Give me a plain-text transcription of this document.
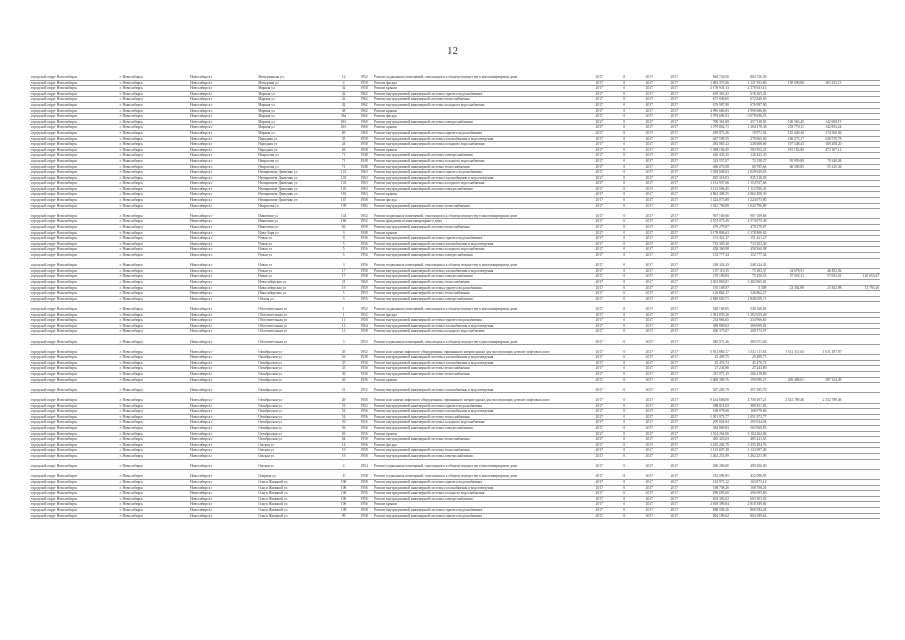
12
городской округ Новосибирск	г. Новосибирск	Новосибирск г	Мичуринская ул	12	1952	Ремонт подвальных помещений, относящихся к общему имуществу в многоквартирном доме	2017	0	2017	2017	864 726,50	864 726,50			
городской округ Новосибирск	г. Новосибирск	Новосибирск г	Мичурина ул	4	1959	Ремонт фасада	2017	0	2017	2017	1 483 375,66	1 121 953,60	158 690,80	183 253,13	
городской округ Новосибирск	г. Новосибирск	Новосибирск г	Мирная ул	32	1958	Ремонт крыши	2017	0	2017	2017	2 178 941,13	2 178 941,13			
городской округ Новосибирск	г. Новосибирск	Новосибирск г	Мирная ул	42	1962	Ремонт внутридомовой инженерной системы горячего водоснабжения	2017	0	2017	2017	618 365,41	618 365,41			
городской округ Новосибирск	г. Новосибирск	Новосибирск г	Мирная ул	42	1962	Ремонт внутридомовой инженерной системы теплоснабжения	2017	0	2017	2017	672 840,65	672 840,65			
городской округ Новосибирск	г. Новосибирск	Новосибирск г	Мирная ул	42	1962	Ремонт внутридомовой инженерной системы холодного водоснабжения	2017	0	2017	2017	676 987,90	676 987,90			
городской округ Новосибирск	г. Новосибирск	Новосибирск г	Мирная ул	48	1962	Ремонт крыши	2017	0	2017	2017	4 990 686,83	4 990 686,83			
городской округ Новосибирск	г. Новосибирск	Новосибирск г	Мирная ул	56а	1962	Ремонт фасада	2017	0	2017	2017	3 078 696,53	3 078 696,53			
городской округ Новосибирск	г. Новосибирск	Новосибирск г	Мирная ул	61б	1960	Ремонт внутридомовой инженерной системы электроснабжения	2017	0	2017	2017	700 361,69	457 318,05	100 363,45	142 680,19	
городской округ Новосибирск	г. Новосибирск	Новосибирск г	Мирная ул	61б	1960	Ремонт крыши	2017	0	2017	2017	1 579 802,71	1 284 178,36	253 770,11	142 854,24	
городской округ Новосибирск	г. Новосибирск	Новосибирск г	Мирная ул	69	1960	Ремонт внутридомовой инженерной системы горячего водоснабжения	2017	0	2017	2017	459 973,26	19 971,92	155 440,40	174 560,94	
городской округ Новосибирск	г. Новосибирск	Новосибирск г	Народная ул	35	1958	Ремонт внутридомовой инженерной системы газоснабжения и водоотведения	2017	0	2017	2017	667 509,55	278 665,60	160 273,17	228 570,78	
городской округ Новосибирск	г. Новосибирск	Новосибирск г	Народная ул	44	1958	Ремонт внутридомовой инженерной системы холодного водоснабжения	2017	0	2017	2017	483 965,23	238 608,60	107 348,43	100 208,20	
городской округ Новосибирск	г. Новосибирск	Новосибирск г	Народная ул	66	1958	Ремонт крыши	2017	0	2017	2017	1 058 196,45	583 952,23	291 192,06	473 167,14	
городской округ Новосибирск	г. Новосибирск	Новосибирск г	Некрасова ул	71	1948	Ремонт внутридомовой инженерной системы электроснабжения	2017	0	2017	2017	426 443,35	126 443,35			
городской округ Новосибирск	г. Новосибирск	Новосибирск г	Некрасова ул	71	1948	Ремонт внутридомовой инженерной системы холодного водоснабжения	2017	0	2017	2017	323 557,07	72 158,27	95 959,80	70 340,04	
городской округ Новосибирск	г. Новосибирск	Новосибирск г	Некрасова ул	71	1948	Ремонт внутридомовой инженерной системы теплоснабжения	2017	0	2017	2017	406 076,98	60 785,66	60 580,85	55 325,36	
городской округ Новосибирск	г. Новосибирск	Новосибирск г	Немировича-Данченко ул	141	1963	Ремонт внутридомовой инженерной системы горячего водоснабжения	2017	0	2017	2017	1 029 949,03	1 029 949,03			
городской округ Новосибирск	г. Новосибирск	Новосибирск г	Немировича-Данченко ул	143	1963	Ремонт внутридомовой инженерной системы газоснабжения и водоотведения	2017	0	2017	2017	825 318,03	825 318,03			
городской округ Новосибирск	г. Новосибирск	Новосибирск г	Немировича-Данченко ул	143	1963	Ремонт внутридомовой инженерной системы холодного водоснабжения	2017	0	2017	2017	1 154 937,66	1 154 937,66			
городской округ Новосибирск	г. Новосибирск	Новосибирск г	Немировича-Данченко ул	145	1963	Ремонт внутридомовой инженерной системы электроснабжения	2017	0	2017	2017	1 112 506,45	1 112 506,45			
городской округ Новосибирск	г. Новосибирск	Новосибирск г	Немировича-Данченко ул	163	1963	Ремонт крыши	2017	0	2017	2017	4 862 408,35	4 862 408,35			
городской округ Новосибирск	г. Новосибирск	Новосибирск г	Немировича-Данченко ул	167	1958	Ремонт фасада	2017	0	2017	2017	1 224 075,80	1 224 075,80			
городской округ Новосибирск	г. Новосибирск	Новосибирск г	Некрасова ул	199	1982	Ремонт внутридомовой инженерной системы теплоснабжения	2017	0	2017	2017	1 022 796,89	1 022 796,89			
городской округ Новосибирск	г. Новосибирск	Новосибирск г	Никитина ул	144	1952	Ремонт подвальных помещений, относящихся к общему имуществу в многоквартирном доме	2017	0	2017	2017	967 169,66	967 169,66			
городской округ Новосибирск	г. Новосибирск	Новосибирск г	Никитина ул	166	1952	Ремонт фундамента многоквартирного дома	2017	0	2017	2017	2 574 075,49	2 574 075,49			
городской округ Новосибирск	г. Новосибирск	Новосибирск г	Никитина ул	66	1958	Ремонт внутридомовой инженерной системы теплоснабжения	2017	0	2017	2017	479 279,87	479 279,87			
городской округ Новосибирск	г. Новосибирск	Новосибирск г	Ново-Заря ул	3	1948	Ремонт крыши	2017	0	2017	2017	3 178 806,63	3 178 806,63			
городской округ Новосибирск	г. Новосибирск	Новосибирск г	Новая ул	9	1936	Ремонт внутридомовой инженерной системы горячего водоснабжения	2017	0	2017	2017	151 421,27	151 421,27			
городской округ Новосибирск	г. Новосибирск	Новосибирск г	Новая ул	5	1956	Ремонт внутридомовой инженерной системы газоснабжения и водоотведения	2017	0	2017	2017	733 303,30	733 303,30			
городской округ Новосибирск	г. Новосибирск	Новосибирск г	Новая ул	5	1956	Ремонт внутридомовой инженерной системы холодного водоснабжения	2017	0	2017	2017	458 360,98	458 360,98			
городской округ Новосибирск	г. Новосибирск	Новосибирск г	Новая ул	5	1956	Ремонт внутридомовой инженерной системы электроснабжения	2017	0	2017	2017	152 777,34	152 777,34			
городской округ Новосибирск	г. Новосибирск	Новосибирск г	Новая ул	3	1956	Ремонт подвальных помещений, относящихся к общему имуществу в многоквартирном доме	2017	0	2017	2017	248 324,43	248 324,43			
городской округ Новосибирск	г. Новосибирск	Новосибирск г	Новая ул	17	1958	Ремонт внутридомовой инженерной системы газоснабжения и водоотведения	2017	0	2017	2017	107 110,35	75 383,37	34 678,51	46 492,02	
городской округ Новосибирск	г. Новосибирск	Новосибирск г	Новая ул	17	1958	Ремонт внутридомовой инженерной системы электроснабжения	2017	0	2017	2017	270 180,83	75 450,53	57 002,11	57 002,01	120 653,47
городской округ Новосибирск	г. Новосибирск	Новосибирск г	Новосибирская ул	21	1960	Ремонт внутридомовой инженерной системы теплоснабжения	2017	0	2017	2017	3 402 865,81	3 402 865,81			
городской округ Новосибирск	г. Новосибирск	Новосибирск г	Новосибирская ул	19	1959	Ремонт внутридомовой инженерной системы горячего водоснабжения	2017	0	2017	2017	105 108,97	5 309	23 302,98	23 302,98	51 793,10
городской округ Новосибирск	г. Новосибирск	Новосибирск г	Новосибирская ул	5	1953	Ремонт внутридомовой инженерной системы теплоснабжения	2017	0	2017	2017	126 862,27	126 862,27			
городской округ Новосибирск	г. Новосибирск	Новосибирск г	Обская ул	3	1955	Ремонт внутридомовой инженерной системы электроснабжения	2017	0	2017	2017	2 848 650,71	2 848 650,71			
городской округ Новосибирск	г. Новосибирск	Новосибирск г	Обогатительная ул	1	1952	Ремонт подвальных помещений, относящихся к общему имуществу в многоквартирном доме	2017	0	2017	2017	548 168,85	548 168,85			
городской округ Новосибирск	г. Новосибирск	Новосибирск г	Обогатительная ул	1	1952	Ремонт фасада	2017	0	2017	2017	1 392 059,26	1 392 059,26			
городской округ Новосибирск	г. Новосибирск	Новосибирск г	Обогатительная ул	11	1958	Ремонт внутридомовой инженерной системы горячего водоснабжения	2017	0	2017	2017	234 966,65	234 966,65			
городской округ Новосибирск	г. Новосибирск	Новосибирск г	Обогатительная ул	12	1964	Ремонт внутридомовой инженерной системы газоснабжения и водоотведения	2017	0	2017	2017	369 069,02	369 069,02			
городской округ Новосибирск	г. Новосибирск	Новосибирск г	Обогатительная ул	13	1958	Ремонт внутридомовой инженерной системы холодного водоснабжения	2017	0	2017	2017	200 373,07	200 373,07			
городской округ Новосибирск	г. Новосибирск	Новосибирск г	Обогатительная ул	3	1953	Ремонт подвальных помещений, относящихся к общему имуществу в многоквартирном доме	2017	0	2017	2017	385 071,26	385 071,26			
городской округ Новосибирск	г. Новосибирск	Новосибирск г	Октябрьская ул	45	1952	Ремонт или замена лифтового оборудования, признанного непригодным для эксплуатации, ремонт лифтовых шахт	2017	0	2017	2017	5 952 860,17	1 611 111,63	1 611 111,63	1 611 187,87	
городской округ Новосибирск	г. Новосибирск	Новосибирск г	Октябрьская ул	23	1938	Ремонт внутридомовой инженерной системы газоснабжения и водоотведения	2017	0	2017	2017	25 499,75	25 499,75			
городской округ Новосибирск	г. Новосибирск	Новосибирск г	Октябрьская ул	35	1936	Ремонт внутридомовой инженерной системы газоснабжения и водоотведения	2017	0	2017	2017	45 476,74	45 476,74			
городской округ Новосибирск	г. Новосибирск	Новосибирск г	Октябрьская ул	35	1936	Ремонт внутридомовой инженерной системы теплоснабжения	2017	0	2017	2017	27 243,80	27 243,80			
городской округ Новосибирск	г. Новосибирск	Новосибирск г	Октябрьская ул	36	1936	Ремонт внутридомовой инженерной системы теплоснабжения	2017	0	2017	2017	315 071,25	266 218,85			
городской округ Новосибирск	г. Новосибирск	Новосибирск г	Октябрьская ул	20	1936	Ремонт крыши	2017	0	2017	2017	1 068 389,76	199 096,27	269 488,01	387 254,49	
городской округ Новосибирск	г. Новосибирск	Новосибирск г	Октябрьская ул	51	1952	Ремонт внутридомовой инженерной системы газоснабжения и водоотведения	2017	0	2017	2017	307 285,79	307 285,79			
городской округ Новосибирск	г. Новосибирск	Новосибирск г	Октябрьская ул	49	1956	Ремонт или замена лифтового оборудования, признанного непригодным для эксплуатации, ремонт лифтовых шахт	2017	0	2017	2017	9 414 688,80	4 749 107,21	2 332 789,46	2 332 789,46	
городской округ Новосибирск	г. Новосибирск	Новосибирск г	Октябрьская ул	51	1952	Ремонт внутридомовой инженерной системы горячего водоснабжения	2017	0	2017	2017	388 811,83	388 811,83			
городской округ Новосибирск	г. Новосибирск	Новосибирск г	Октябрьская ул	54	1956	Ремонт внутридомовой инженерной системы газоснабжения и водоотведения	2017	0	2017	2017	168 078,66	168 078,66			
городской округ Новосибирск	г. Новосибирск	Новосибирск г	Октябрьская ул	54	1956	Ремонт внутридомовой инженерной системы теплоснабжения	2017	0	2017	2017	1 051 973,77	1 051 973,77			
городской округ Новосибирск	г. Новосибирск	Новосибирск г	Октябрьская ул	56	1956	Ремонт внутридомовой инженерной системы холодного водоснабжения	2017	0	2017	2017	205 024,04	205 024,04			
городской округ Новосибирск	г. Новосибирск	Новосибирск г	Октябрьская ул	56	1956	Ремонт внутридомовой инженерной системы электроснабжения	2017	0	2017	2017	563 069,83	563 069,83			
городской округ Новосибирск	г. Новосибирск	Новосибирск г	Октябрьская ул	56	1956	Ремонт крыши	2017	0	2017	2017	2 104 264,06	2 104 264,06			
городской округ Новосибирск	г. Новосибирск	Новосибирск г	Октябрьская ул	64	1938	Ремонт внутридомовой инженерной системы теплоснабжения	2017	0	2017	2017	485 423,63	485 423,63			
городской округ Новосибирск	г. Новосибирск	Новосибирск г	Омская ул	14	1956	Ремонт фасада	2017	0	2017	2017	3 435 284,76	3 435 284,76			
городской округ Новосибирск	г. Новосибирск	Новосибирск г	Омская ул	19	1958	Ремонт внутридомовой инженерной системы теплоснабжения	2017	0	2017	2017	1 133 697,49	1 133 697,49			
городской округ Новосибирск	г. Новосибирск	Новосибирск г	Омская ул	19	1958	Ремонт внутридомовой инженерной системы электроснабжения	2017	0	2017	2017	1 462 251,99	1 462 251,99			
городской округ Новосибирск	г. Новосибирск	Новосибирск г	Омская ул	4	1954	Ремонт подвальных помещений, относящихся к общему имуществу в многоквартирном доме	2017	0	2017	2017	490 206,00	490 206,00			
городской округ Новосибирск	г. Новосибирск	Новосибирск г	Оперная ул	8	1958	Ремонт подвальных помещений, относящихся к общему имуществу в многоквартирном доме	2017	0	2017	2017	452 096,95	452 096,95			
городской округ Новосибирск	г. Новосибирск	Новосибирск г	Ольги Жилиной ул	106	1958	Ремонт внутридомовой инженерной системы горячего водоснабжения	2017	0	2017	2017	163 973,12	163 973,12			
городской округ Новосибирск	г. Новосибирск	Новосибирск г	Ольги Жилиной ул	106	1956	Ремонт внутридомовой инженерной системы газоснабжения и водоотведения	2017	0	2017	2017	168 708,26	168 708,26			
городской округ Новосибирск	г. Новосибирск	Новосибирск г	Ольги Жилиной ул	106	1956	Ремонт внутридомовой инженерной системы холодного водоснабжения	2017	0	2017	2017	296 695,60	296 695,60			
городской округ Новосибирск	г. Новосибирск	Новосибирск г	Ольги Жилиной ул	106	1956	Ремонт внутридомовой инженерной системы электроснабжения	2017	0	2017	2017	603 303,02	603 303,02			
городской округ Новосибирск	г. Новосибирск	Новосибирск г	Ольги Жилиной ул	106	1956	Ремонт крыши	2017	0	2017	2017	2 818 389,84	2 818 389,84			
городской округ Новосибирск	г. Новосибирск	Новосибирск г	Ольги Жилиной ул	108	1958	Ремонт внутридомовой инженерной системы горячего водоснабжения	2017	0	2017	2017	868 594,26	868 594,26			
городской округ Новосибирск	г. Новосибирск	Новосибирск г	Ольги Жилиной ул	99	1958	Ремонт внутридомовой инженерной системы горячего водоснабжения	2017	0	2017	2017	804 189,62	804 189,62			
